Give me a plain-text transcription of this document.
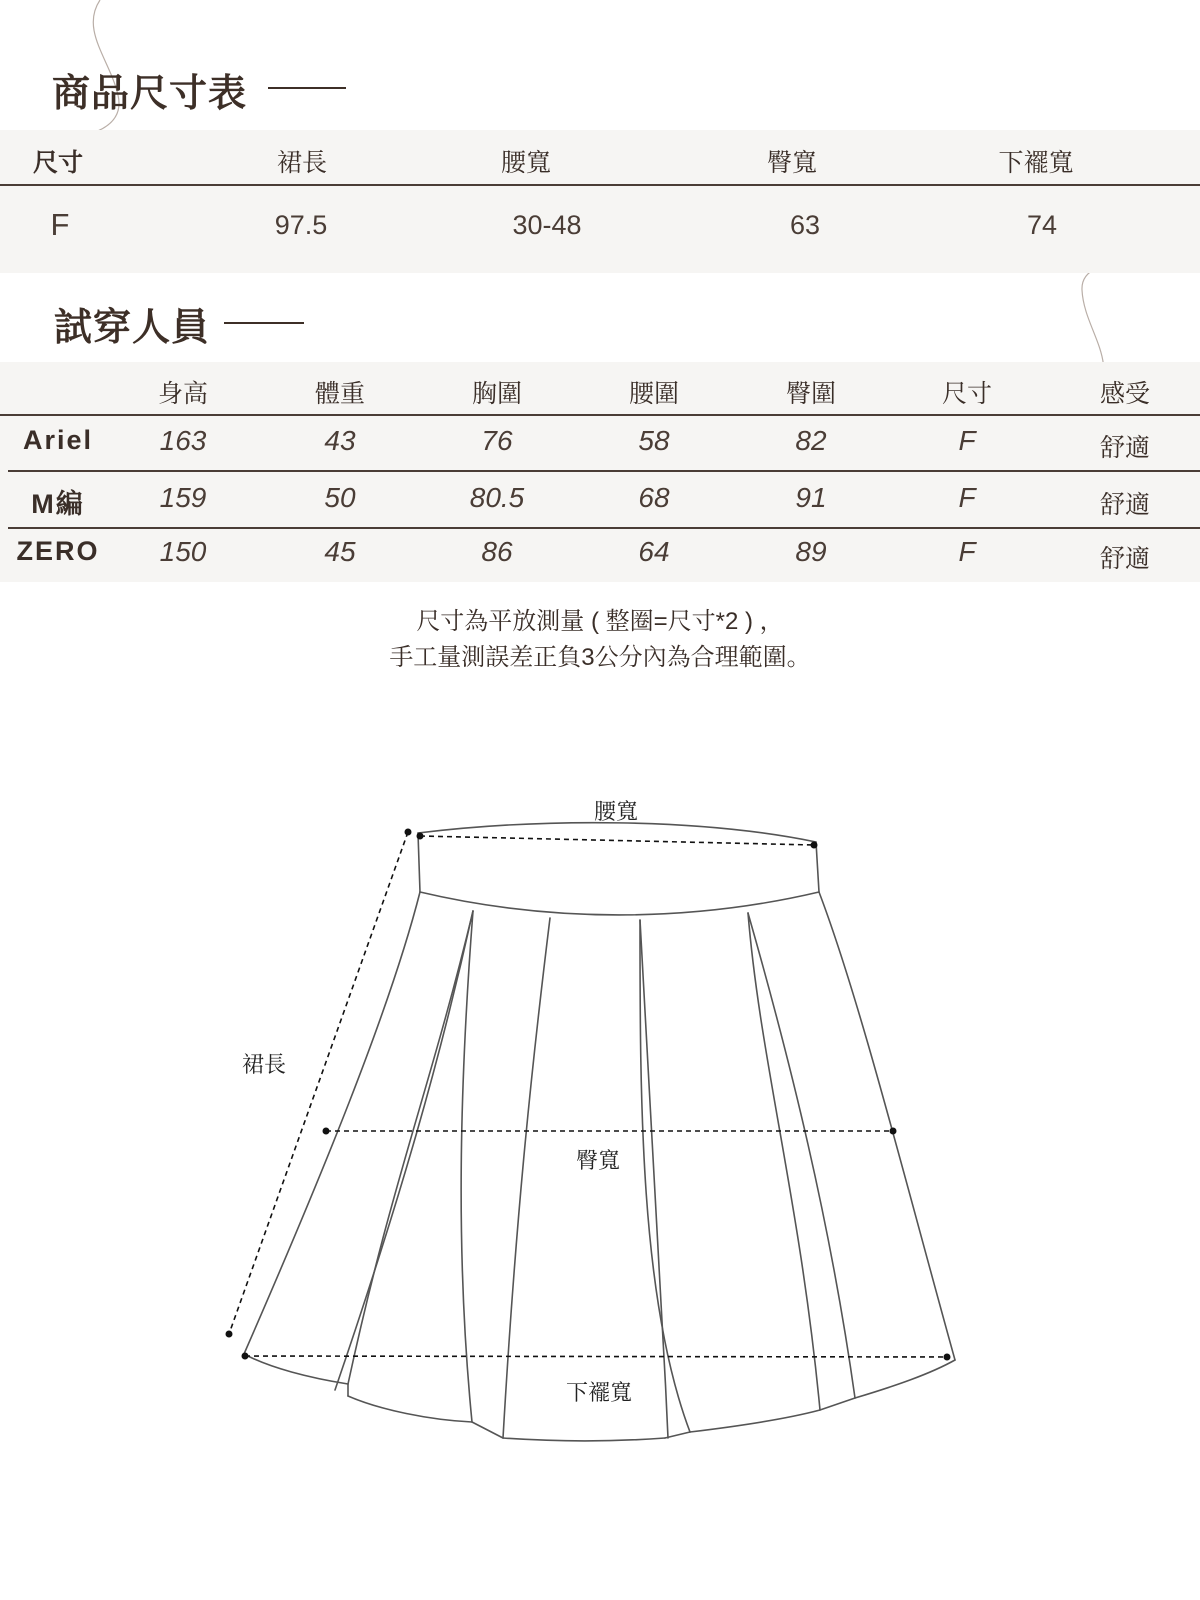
商品尺寸表
尺寸	裙長	腰寬	臀寬	下襬寬
F	97.5	30-48	63	74
試穿人員
身高	體重	胸圍	腰圍	臀圍	尺寸	感受
Ariel 163	43	76	58	82	F	舒適
M編	159	50	80.5	68	91	F	舒適
ZERO 150	45	86	64	89	F	舒適
尺寸為平放測量 ( 整圈=尺寸*2 ) ，
手工量測誤差正負3公分內為合理範圍。
腰寬
裙長
臀寬
下襬寬
